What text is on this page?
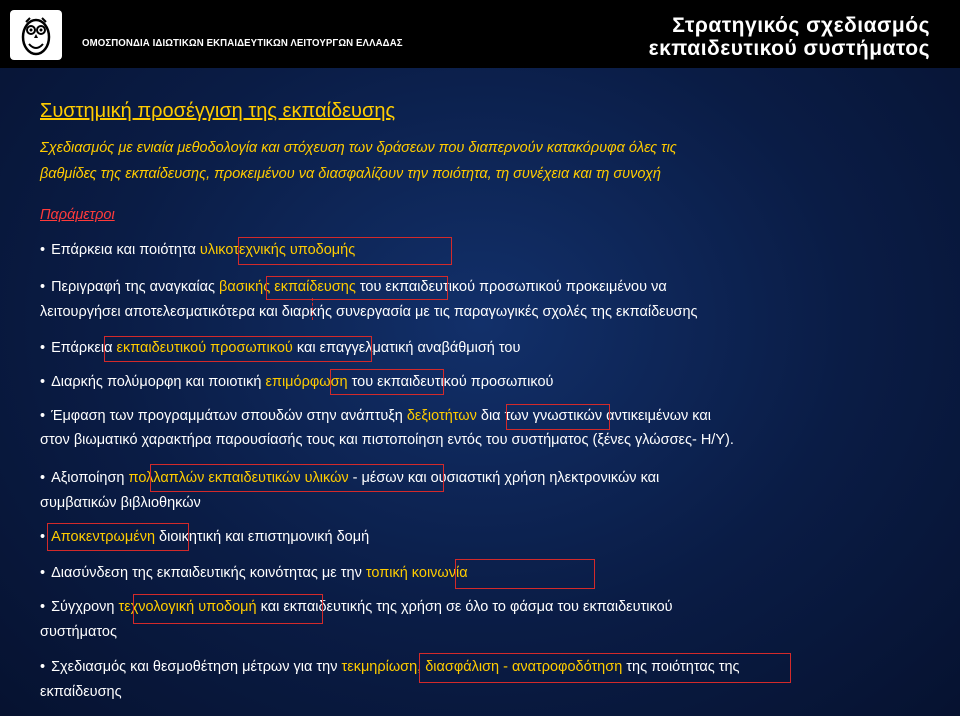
ΟΜΟΣΠΟΝΔΙΑ ΙΔΙΩΤΙΚΩΝ ΕΚΠΑΙΔΕΥΤΙΚΩΝ ΛΕΙΤΟΥΡΓΩΝ ΕΛΛΑΔΑΣ
Στρατηγικός σχεδιασμός
εκπαιδευτικού συστήματος
Συστημική προσέγγιση της εκπαίδευσης
Σχεδιασμός με ενιαία μεθοδολογία και στόχευση των δράσεων που διαπερνούν κατακόρυφα όλες τις
βαθμίδες της εκπαίδευσης, προκειμένου να διασφαλίζουν την ποιότητα, τη συνέχεια και τη συνοχή
Παράμετροι
• Επάρκεια και ποιότητα υλικοτεχνικής υποδομής
• Περιγραφή της αναγκαίας βασικής εκπαίδευσης του εκπαιδευτικού προσωπικού προκειμένου να
λειτουργήσει αποτελεσματικότερα και διαρκής συνεργασία με τις παραγωγικές σχολές της εκπαίδευσης
• Επάρκεια εκπαιδευτικού προσωπικού και επαγγελματική αναβάθμισή του
• Διαρκής πολύμορφη και ποιοτική επιμόρφωση του εκπαιδευτικού προσωπικού
• Έμφαση των προγραμμάτων σπουδών στην ανάπτυξη δεξιοτήτων δια των γνωστικών αντικειμένων και
στον βιωματικό χαρακτήρα παρουσίασής τους και πιστοποίηση εντός του συστήματος (ξένες γλώσσες- Η/Υ).
• Αξιοποίηση πολλαπλών εκπαιδευτικών υλικών - μέσων και ουσιαστική χρήση ηλεκτρονικών και
συμβατικών βιβλιοθηκών
• Αποκεντρωμένη διοικητική και επιστημονική δομή
• Διασύνδεση της εκπαιδευτικής κοινότητας με την τοπική κοινωνία
• Σύγχρονη τεχνολογική υποδομή και εκπαιδευτικής της χρήση σε όλο το φάσμα του εκπαιδευτικού
συστήματος
• Σχεδιασμός και θεσμοθέτηση μέτρων για την τεκμηρίωση, διασφάλιση - ανατροφοδότηση της ποιότητας της
εκπαίδευσης
